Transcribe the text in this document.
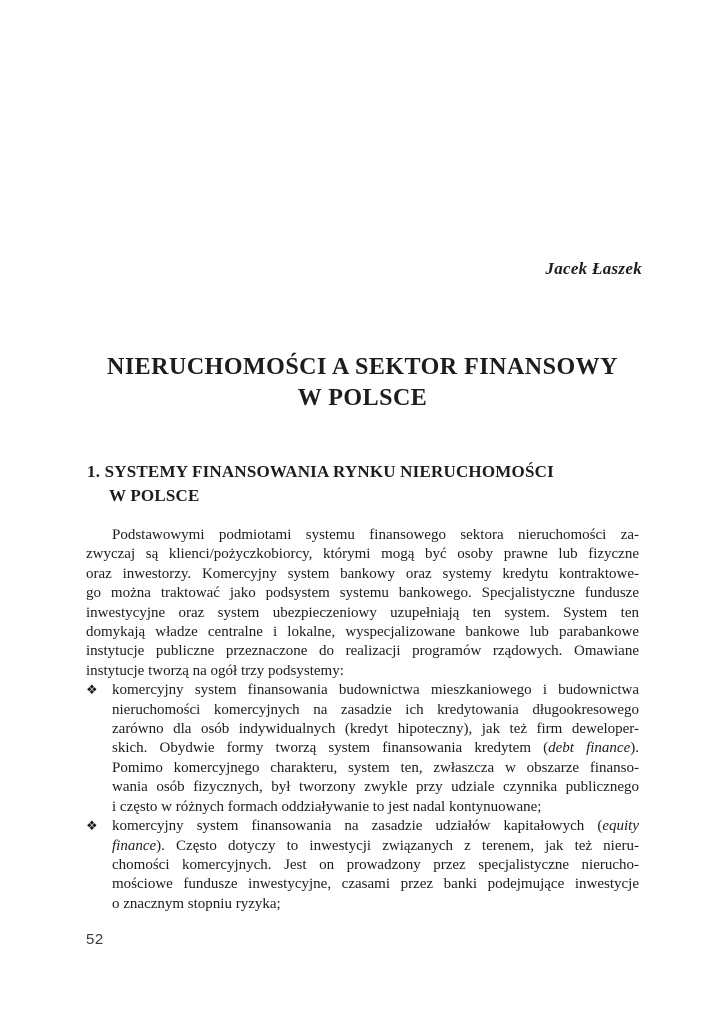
Jacek Łaszek
NIERUCHOMOŚCI A SEKTOR FINANSOWY
W POLSCE
1. SYSTEMY FINANSOWANIA RYNKU NIERUCHOMOŚCI
W POLSCE
Podstawowymi podmiotami systemu finansowego sektora nieruchomości za-
zwyczaj są klienci/pożyczkobiorcy, którymi mogą być osoby prawne lub fizyczne
oraz inwestorzy. Komercyjny system bankowy oraz systemy kredytu kontraktowe-
go można traktować jako podsystem systemu bankowego. Specjalistyczne fundusze
inwestycyjne oraz system ubezpieczeniowy uzupełniają ten system. System ten
domykają władze centralne i lokalne, wyspecjalizowane bankowe lub parabankowe
instytucje publiczne przeznaczone do realizacji programów rządowych. Omawiane
instytucje tworzą na ogół trzy podsystemy:
❖ komercyjny system finansowania budownictwa mieszkaniowego i budownictwa
nieruchomości komercyjnych na zasadzie ich kredytowania długookresowego
zarówno dla osób indywidualnych (kredyt hipoteczny), jak też firm deweloper-
skich. Obydwie formy tworzą system finansowania kredytem (debt finance).
Pomimo komercyjnego charakteru, system ten, zwłaszcza w obszarze finanso-
wania osób fizycznych, był tworzony zwykle przy udziale czynnika publicznego
i często w różnych formach oddziaływanie to jest nadal kontynuowane;
❖ komercyjny system finansowania na zasadzie udziałów kapitałowych (equity
finance). Często dotyczy to inwestycji związanych z terenem, jak też nieru-
chomości komercyjnych. Jest on prowadzony przez specjalistyczne nierucho-
mościowe fundusze inwestycyjne, czasami przez banki podejmujące inwestycje
o znacznym stopniu ryzyka;
52
